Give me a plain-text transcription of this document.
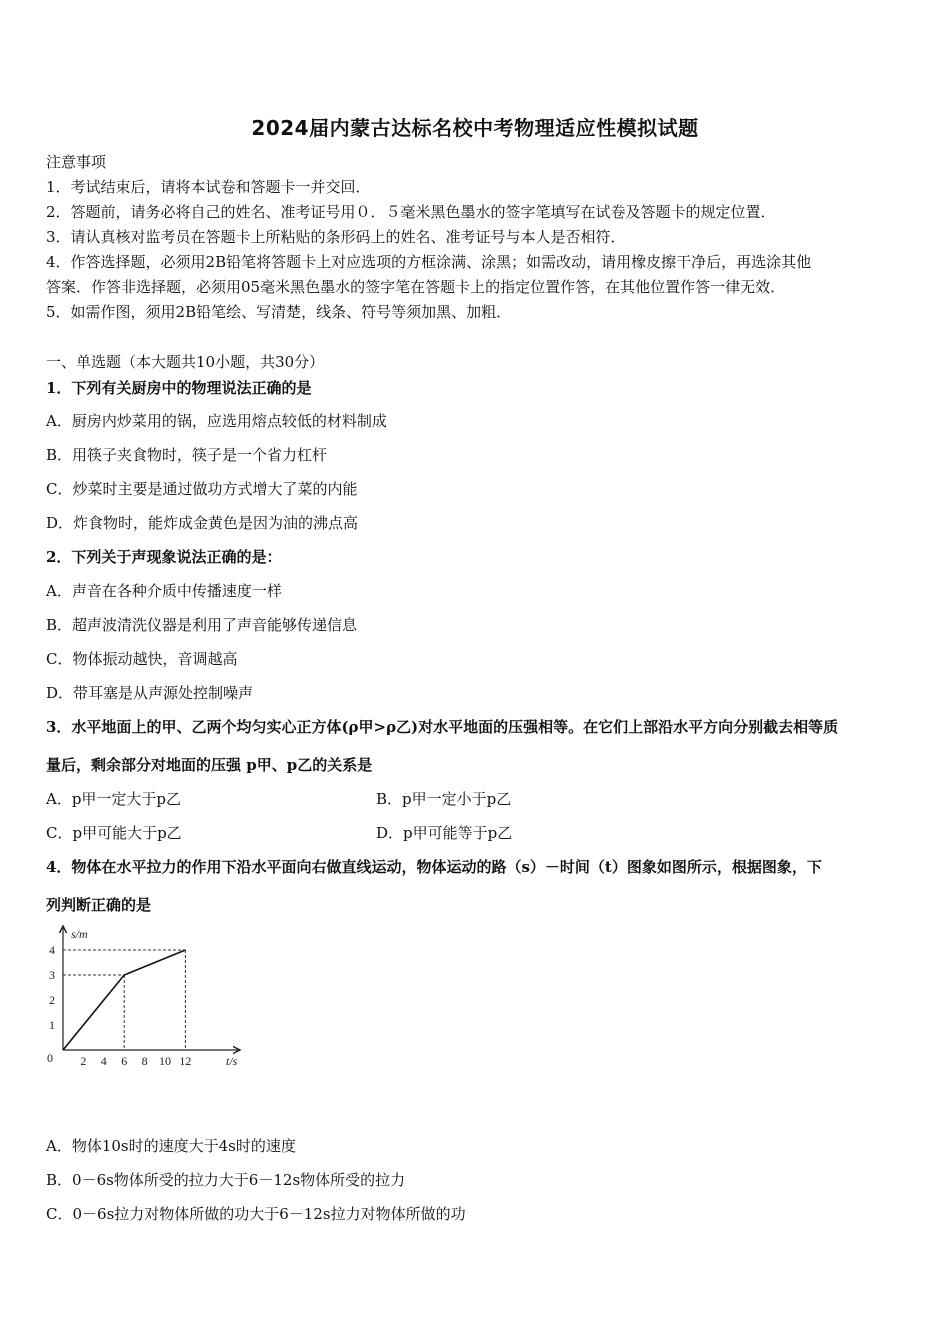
2024届内蒙古达标名校中考物理适应性模拟试题
注意事项
1．考试结束后，请将本试卷和答题卡一并交回．
2．答题前，请务必将自己的姓名、准考证号用０．５毫米黑色墨水的签字笔填写在试卷及答题卡的规定位置．
3．请认真核对监考员在答题卡上所粘贴的条形码上的姓名、准考证号与本人是否相符．
4．作答选择题，必须用2B铅笔将答题卡上对应选项的方框涂满、涂黑；如需改动，请用橡皮擦干净后，再选涂其他
答案．作答非选择题，必须用05毫米黑色墨水的签字笔在答题卡上的指定位置作答，在其他位置作答一律无效．
5．如需作图，须用2B铅笔绘、写清楚，线条、符号等须加黑、加粗．
一、单选题（本大题共10小题，共30分）
1．下列有关厨房中的物理说法正确的是
A．厨房内炒菜用的锅，应选用熔点较低的材料制成
B．用筷子夹食物时，筷子是一个省力杠杆
C．炒菜时主要是通过做功方式增大了菜的内能
D．炸食物时，能炸成金黄色是因为油的沸点高
2．下列关于声现象说法正确的是：
A．声音在各种介质中传播速度一样
B．超声波清洗仪器是利用了声音能够传递信息
C．物体振动越快，音调越高
D．带耳塞是从声源处控制噪声
3．水平地面上的甲、乙两个均匀实心正方体(ρ甲>ρ乙)对水平地面的压强相等。在它们上部沿水平方向分别截去相等质
量后，剩余部分对地面的压强 p甲、p乙的关系是
A．p甲一定大于p乙	B．p甲一定小于p乙
C．p甲可能大于p乙	D．p甲可能等于p乙
4．物体在水平拉力的作用下沿水平面向右做直线运动，物体运动的路（s）－时间（t）图象如图所示，根据图象，下
列判断正确的是
2 4 6 8 10 12
1
2
3
4
0	t/s
s/m
A．物体10s时的速度大于4s时的速度
B．0－6s物体所受的拉力大于6－12s物体所受的拉力
C．0－6s拉力对物体所做的功大于6－12s拉力对物体所做的功
